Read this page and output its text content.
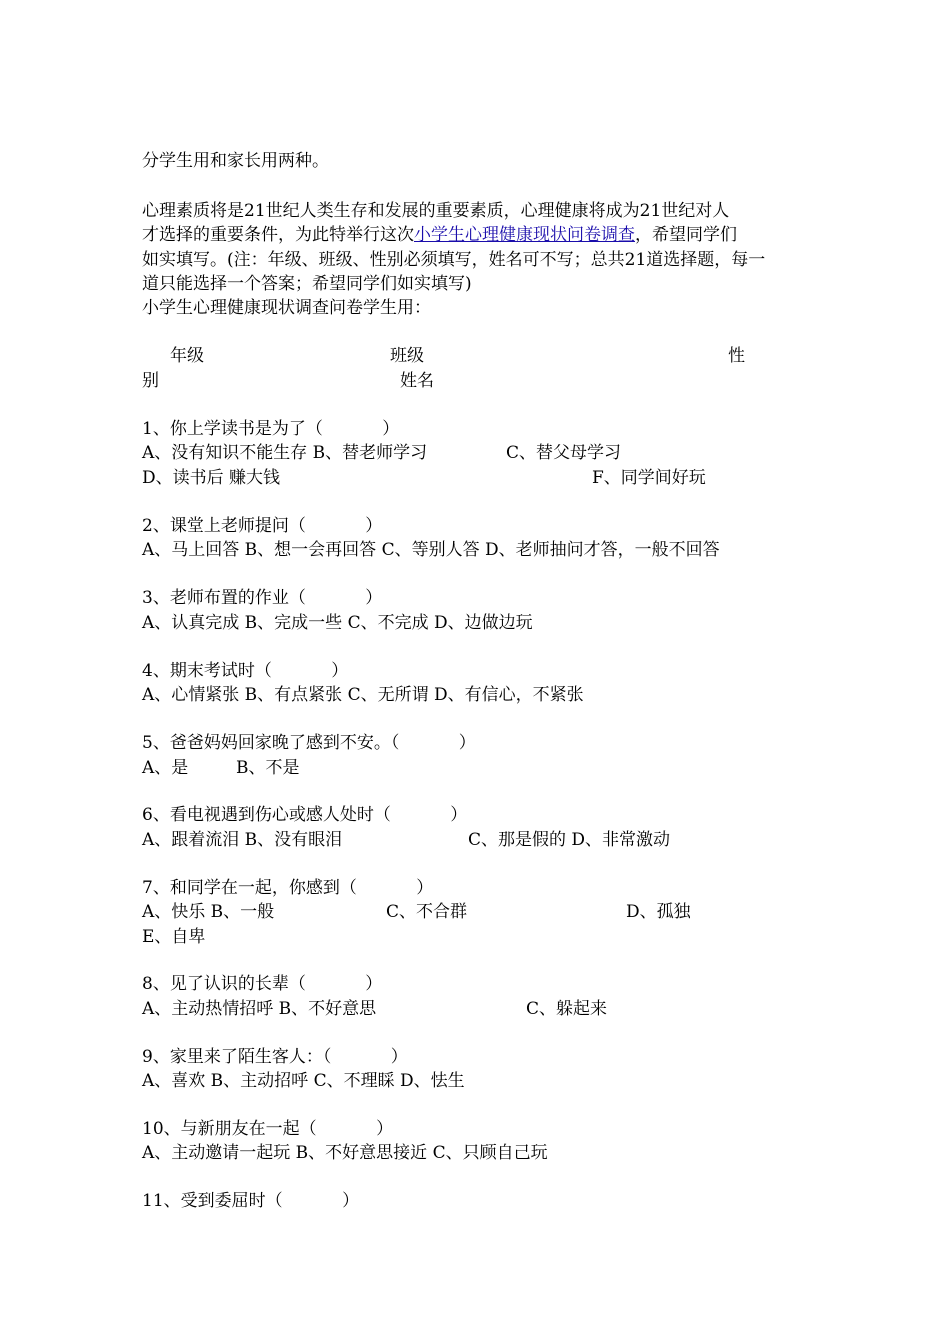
分学生用和家长用两种。
心理素质将是21世纪人类生存和发展的重要素质，心理健康将成为21世纪对人
才选择的重要条件，为此特举行这次小学生心理健康现状问卷调查，希望同学们
如实填写。(注：年级、班级、性别必须填写，姓名可不写；总共21道选择题，每一
道只能选择一个答案；希望同学们如实填写)
小学生心理健康现状调查问卷学生用：
年级	班级	性
别	姓名
1、你上学读书是为了（           ）
A、没有知识不能生存 B、替老师学习	C、替父母学习
D、读书后 赚大钱	F、同学间好玩
2、课堂上老师提问（           ）
A、马上回答 B、想一会再回答 C、等别人答 D、老师抽问才答，一般不回答
3、老师布置的作业（           ）
A、认真完成 B、完成一些 C、不完成 D、边做边玩
4、期末考试时（           ）
A、心情紧张 B、有点紧张 C、无所谓 D、有信心，不紧张
5、爸爸妈妈回家晚了感到不安。（           ）
A、是	B、不是
6、看电视遇到伤心或感人处时（           ）
A、跟着流泪 B、没有眼泪	C、那是假的 D、非常激动
7、和同学在一起，你感到（           ）
A、快乐 B、一般	C、不合群	D、孤独
E、自卑
8、见了认识的长辈（           ）
A、主动热情招呼 B、不好意思	C、躲起来
9、家里来了陌生客人：（           ）
A、喜欢 B、主动招呼 C、不理睬 D、怯生
10、与新朋友在一起（           ）
A、主动邀请一起玩 B、不好意思接近 C、只顾自己玩
11、受到委屈时（           ）
